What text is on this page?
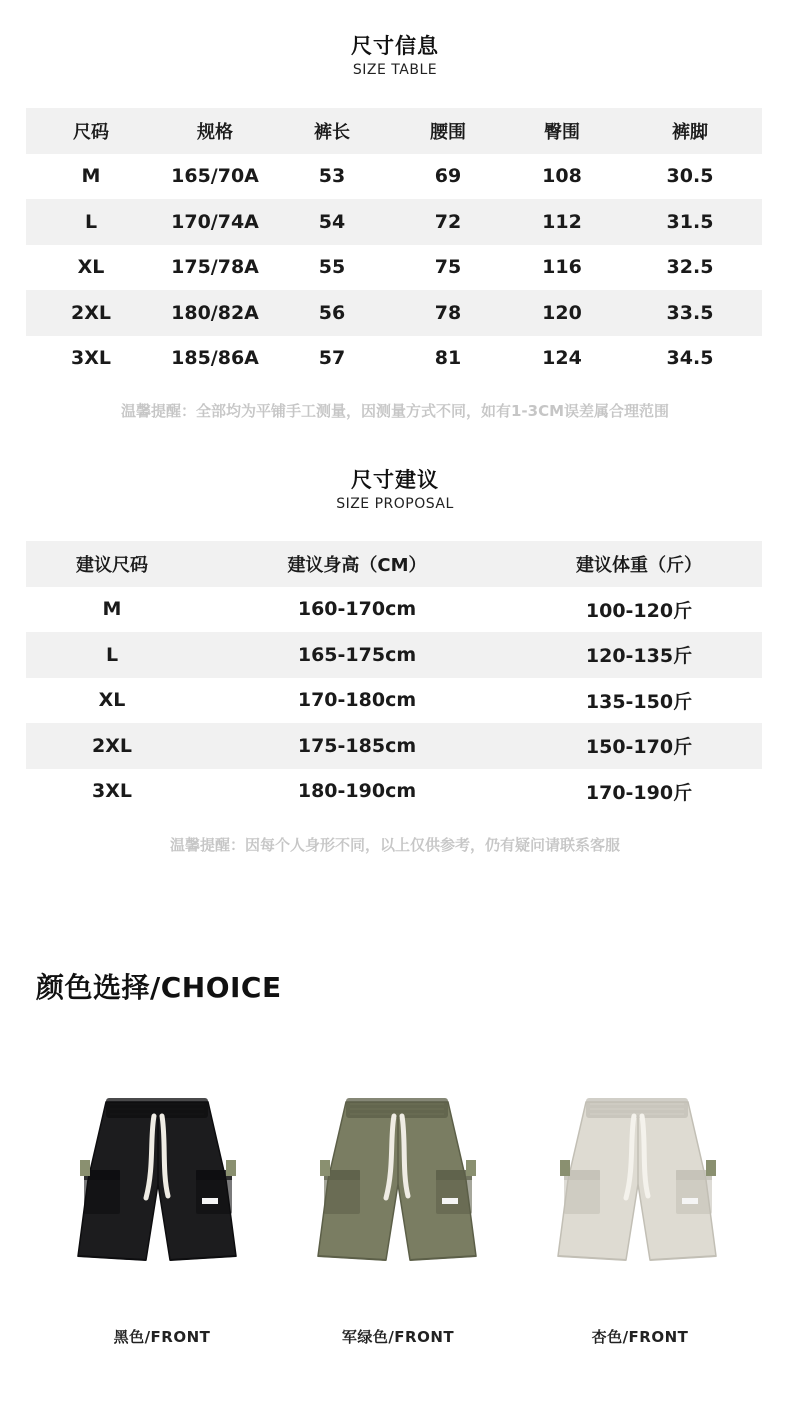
尺寸信息
SIZE TABLE
尺码	规格	裤长	腰围	臀围	裤脚
M	165/70A	53	69	108	30.5
L	170/74A	54	72	112	31.5
XL	175/78A	55	75	116	32.5
2XL	180/82A	56	78	120	33.5
3XL	185/86A	57	81	124	34.5
温馨提醒：全部均为平铺手工测量，因测量方式不同，如有1-3CM误差属合理范围
尺寸建议
SIZE PROPOSAL
建议尺码	建议身高（CM）	建议体重（斤）
M	160-170cm	100-120斤
L	165-175cm	120-135斤
XL	170-180cm	135-150斤
2XL	175-185cm	150-170斤
3XL	180-190cm	170-190斤
温馨提醒：因每个人身形不同，以上仅供参考，仍有疑问请联系客服
颜色选择/CHOICE
黑色/FRONT	军绿色/FRONT	杏色/FRONT
